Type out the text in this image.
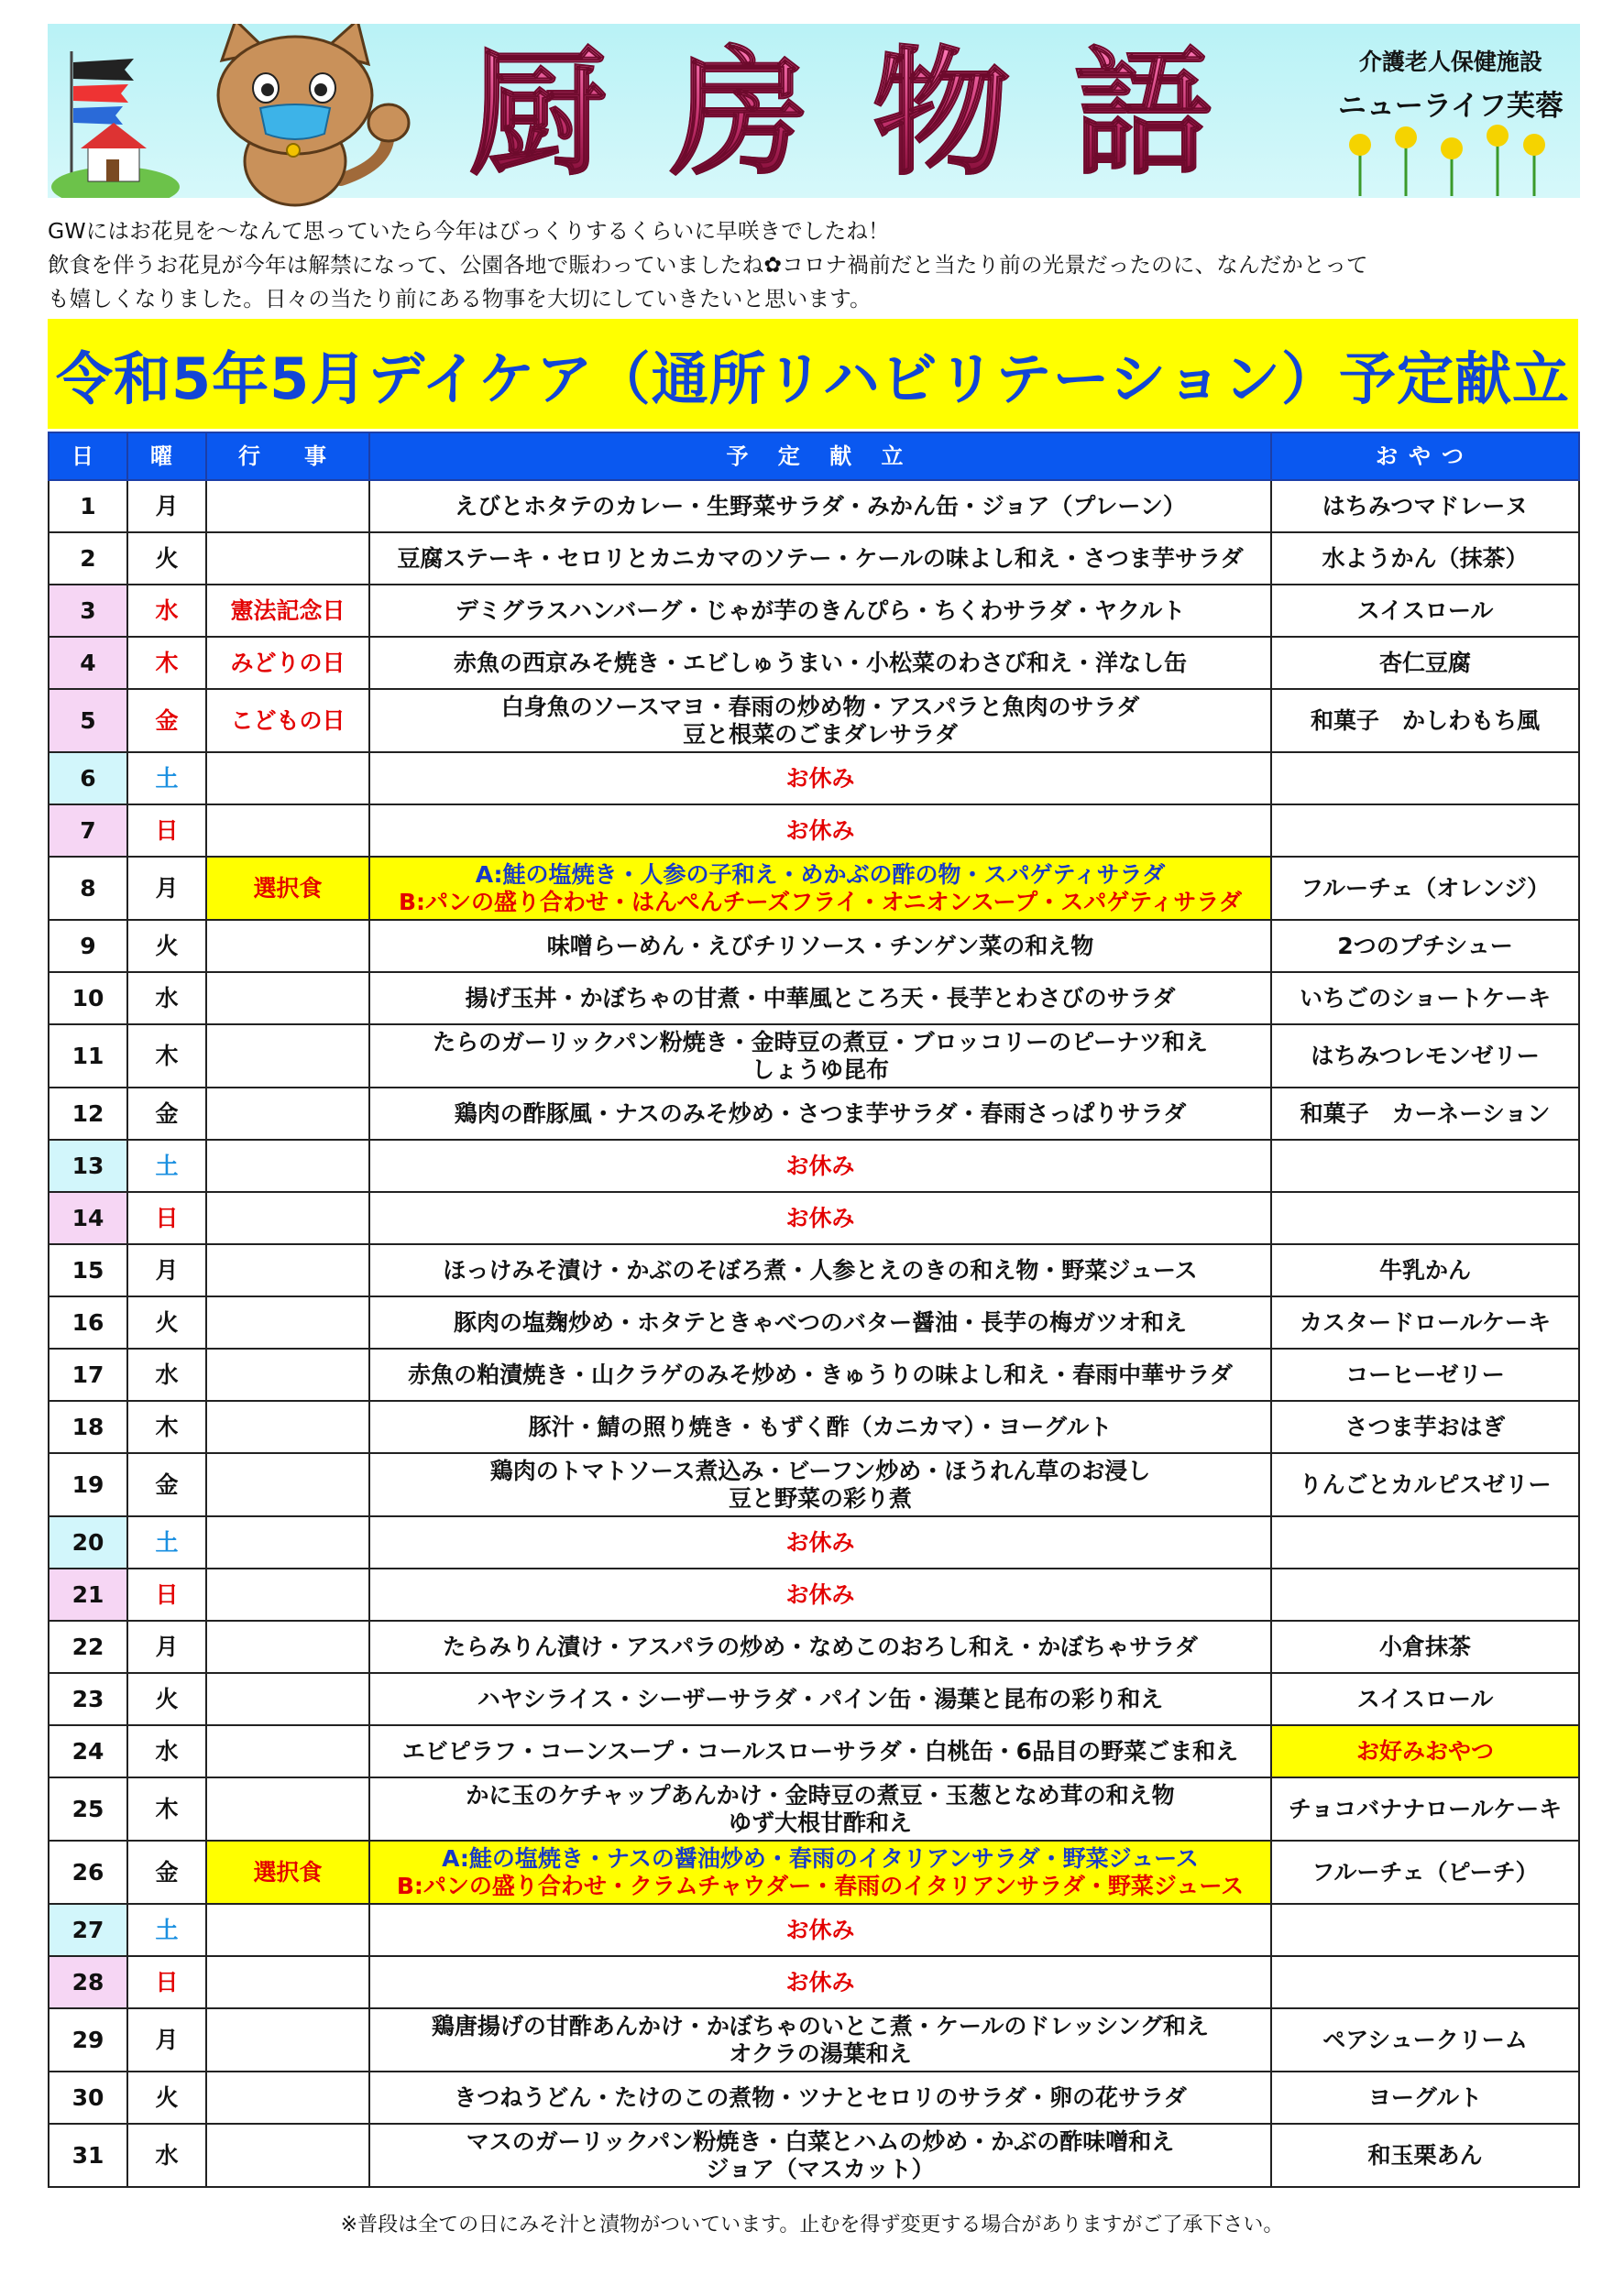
厨 房 物 語	介護老人保健施設
ニューライフ芙蓉

GWにはお花見を～なんて思っていたら今年はびっくりするくらいに早咲きでしたね！

飲食を伴うお花見が今年は解禁になって、公園各地で賑わっていましたね✿コロナ禍前だと当たり前の光景だったのに、なんだかとって

も嬉しくなりました。日々の当たり前にある物事を大切にしていきたいと思います。

令和5年5月デイケア（通所リハビリテーション）予定献立
日	曜	行　事	予 定 献 立	おやつ
1	月		えびとホタテのカレー・生野菜サラダ・みかん缶・ジョア（プレーン）	はちみつマドレーヌ
2	火		豆腐ステーキ・セロリとカニカマのソテー・ケールの味よし和え・さつま芋サラダ	水ようかん（抹茶）
3	水	憲法記念日	デミグラスハンバーグ・じゃが芋のきんぴら・ちくわサラダ・ヤクルト	スイスロール
4	木	みどりの日	赤魚の西京みそ焼き・エビしゅうまい・小松菜のわさび和え・洋なし缶	杏仁豆腐
5	金	こどもの日	白身魚のソースマヨ・春雨の炒め物・アスパラと魚肉のサラダ
豆と根菜のごまダレサラダ	和菓子　かしわもち風
6	土		お休み	
7	日		お休み	
8	月	選択食	A:鮭の塩焼き・人参の子和え・めかぶの酢の物・スパゲティサラダ
B:パンの盛り合わせ・はんぺんチーズフライ・オニオンスープ・スパゲティサラダ	フルーチェ（オレンジ）
9	火		味噌らーめん・えびチリソース・チンゲン菜の和え物	2つのプチシュー
10	水		揚げ玉丼・かぼちゃの甘煮・中華風ところ天・長芋とわさびのサラダ	いちごのショートケーキ
11	木		たらのガーリックパン粉焼き・金時豆の煮豆・ブロッコリーのピーナツ和え
しょうゆ昆布	はちみつレモンゼリー
12	金		鶏肉の酢豚風・ナスのみそ炒め・さつま芋サラダ・春雨さっぱりサラダ	和菓子　カーネーション
13	土		お休み	
14	日		お休み	
15	月		ほっけみそ漬け・かぶのそぼろ煮・人参とえのきの和え物・野菜ジュース	牛乳かん
16	火		豚肉の塩麹炒め・ホタテときゃべつのバター醤油・長芋の梅ガツオ和え	カスタードロールケーキ
17	水		赤魚の粕漬焼き・山クラゲのみそ炒め・きゅうりの味よし和え・春雨中華サラダ	コーヒーゼリー
18	木		豚汁・鯖の照り焼き・もずく酢（カニカマ）・ヨーグルト	さつま芋おはぎ
19	金		鶏肉のトマトソース煮込み・ビーフン炒め・ほうれん草のお浸し
豆と野菜の彩り煮	りんごとカルピスゼリー
20	土		お休み	
21	日		お休み	
22	月		たらみりん漬け・アスパラの炒め・なめこのおろし和え・かぼちゃサラダ	小倉抹茶
23	火		ハヤシライス・シーザーサラダ・パイン缶・湯葉と昆布の彩り和え	スイスロール
24	水		エビピラフ・コーンスープ・コールスローサラダ・白桃缶・6品目の野菜ごま和え	お好みおやつ
25	木		かに玉のケチャップあんかけ・金時豆の煮豆・玉葱となめ茸の和え物
ゆず大根甘酢和え	チョコバナナロールケーキ
26	金	選択食	A:鮭の塩焼き・ナスの醤油炒め・春雨のイタリアンサラダ・野菜ジュース
B:パンの盛り合わせ・クラムチャウダー・春雨のイタリアンサラダ・野菜ジュース	フルーチェ（ピーチ）
27	土		お休み	
28	日		お休み	
29	月		鶏唐揚げの甘酢あんかけ・かぼちゃのいとこ煮・ケールのドレッシング和え
オクラの湯葉和え	ペアシュークリーム
30	火		きつねうどん・たけのこの煮物・ツナとセロリのサラダ・卵の花サラダ	ヨーグルト
31	水		マスのガーリックパン粉焼き・白菜とハムの炒め・かぶの酢味噌和え
ジョア（マスカット）	和玉栗あん
※普段は全ての日にみそ汁と漬物がついています。止むを得ず変更する場合がありますがご了承下さい。
